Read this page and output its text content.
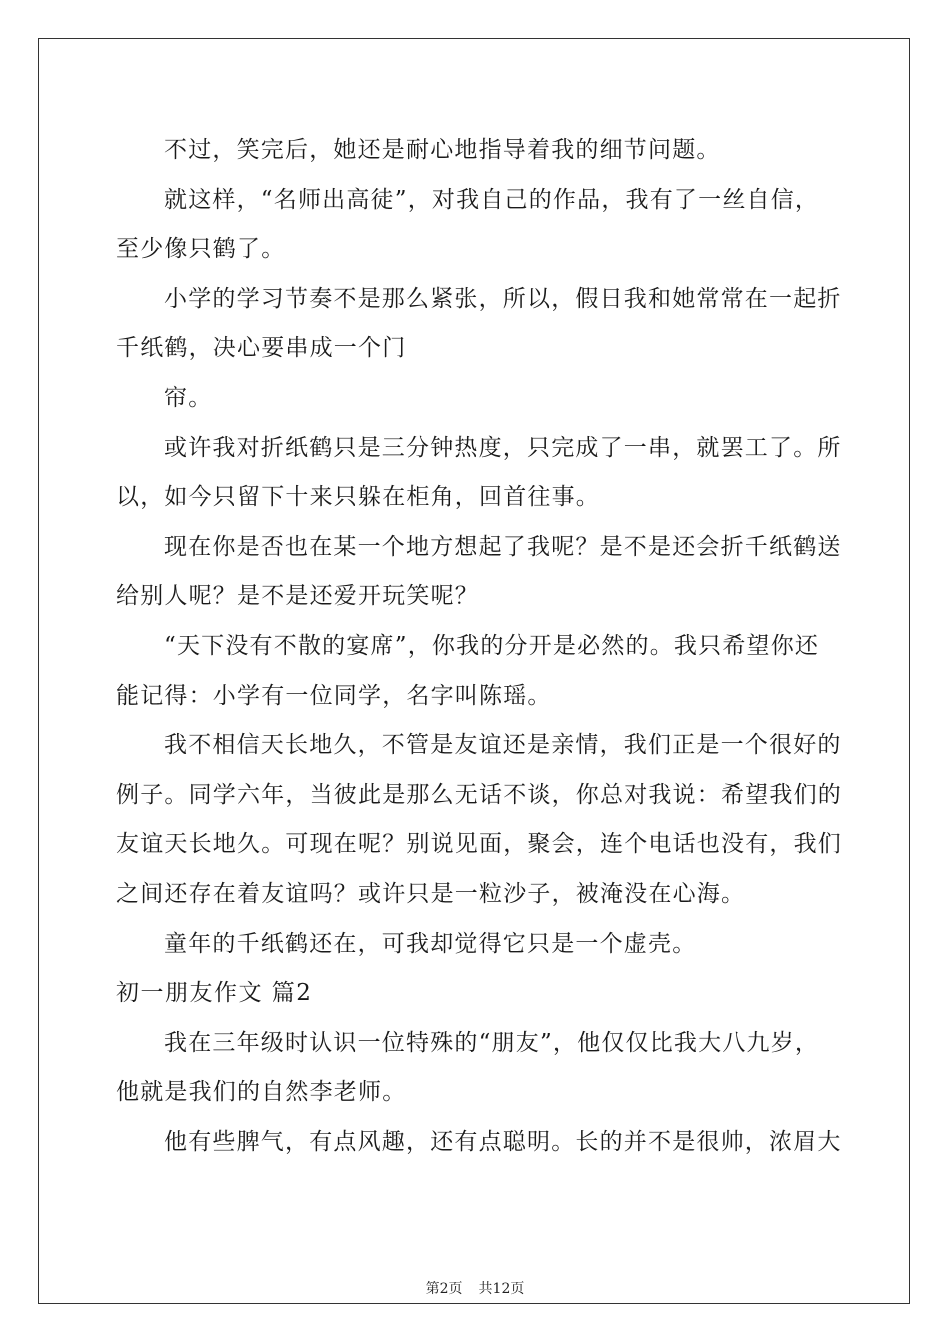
不过，笑完后，她还是耐心地指导着我的细节问题。
就这样，“名师出高徒”，对我自己的作品，我有了一丝自信，
至少像只鹤了。
小学的学习节奏不是那么紧张，所以，假日我和她常常在一起折
千纸鹤，决心要串成一个门
帘。
或许我对折纸鹤只是三分钟热度，只完成了一串，就罢工了。所
以，如今只留下十来只躲在柜角，回首往事。
现在你是否也在某一个地方想起了我呢？是不是还会折千纸鹤送
给别人呢？是不是还爱开玩笑呢？
“天下没有不散的宴席”，你我的分开是必然的。我只希望你还
能记得：小学有一位同学，名字叫陈瑶。
我不相信天长地久，不管是友谊还是亲情，我们正是一个很好的
例子。同学六年，当彼此是那么无话不谈，你总对我说：希望我们的
友谊天长地久。可现在呢？别说见面，聚会，连个电话也没有，我们
之间还存在着友谊吗？或许只是一粒沙子，被淹没在心海。
童年的千纸鹤还在，可我却觉得它只是一个虚壳。
初一朋友作文 篇2
我在三年级时认识一位特殊的“朋友”，他仅仅比我大八九岁，
他就是我们的自然李老师。
他有些脾气，有点风趣，还有点聪明。长的并不是很帅，浓眉大
第2页 共12页
